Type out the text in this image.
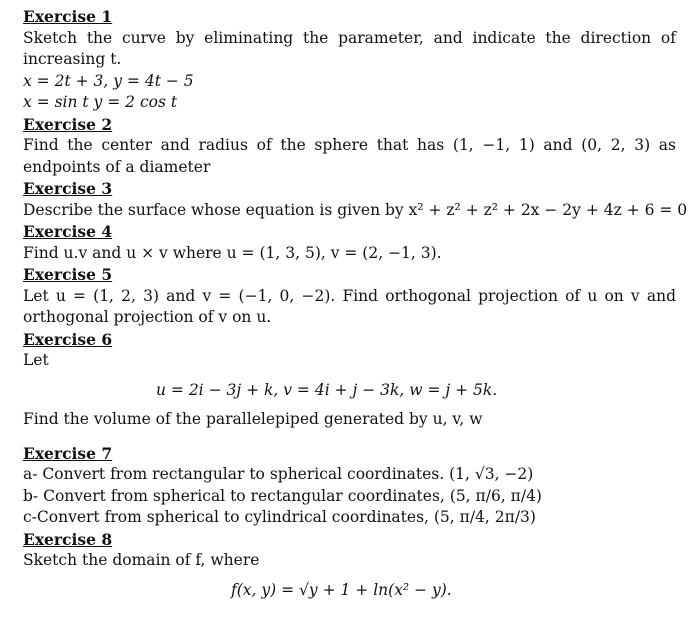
Exercise 1
Sketch the curve by eliminating the parameter, and indicate the direction of increasing t.
x = 2t + 3, y = 4t − 5
x = sin t y = 2 cos t
Exercise 2
Find the center and radius of the sphere that has (1, −1, 1) and (0, 2, 3) as endpoints of a diameter
Exercise 3
Describe the surface whose equation is given by x² + z² + z² + 2x − 2y + 4z + 6 = 0
Exercise 4
Find u.v and u × v where u = (1, 3, 5), v = (2, −1, 3).
Exercise 5
Let u = (1, 2, 3) and v = (−1, 0, −2). Find orthogonal projection of u on v and orthogonal projection of v on u.
Exercise 6
Let
u = 2i − 3j + k, v = 4i + j − 3k, w = j + 5k.
Find the volume of the parallelepiped generated by u, v, w
Exercise 7
a- Convert from rectangular to spherical coordinates. (1, √3, −2)
b- Convert from spherical to rectangular coordinates, (5, π/6, π/4)
c-Convert from spherical to cylindrical coordinates, (5, π/4, 2π/3)
Exercise 8
Sketch the domain of f, where
f(x, y) = √y + 1 + ln(x² − y).
